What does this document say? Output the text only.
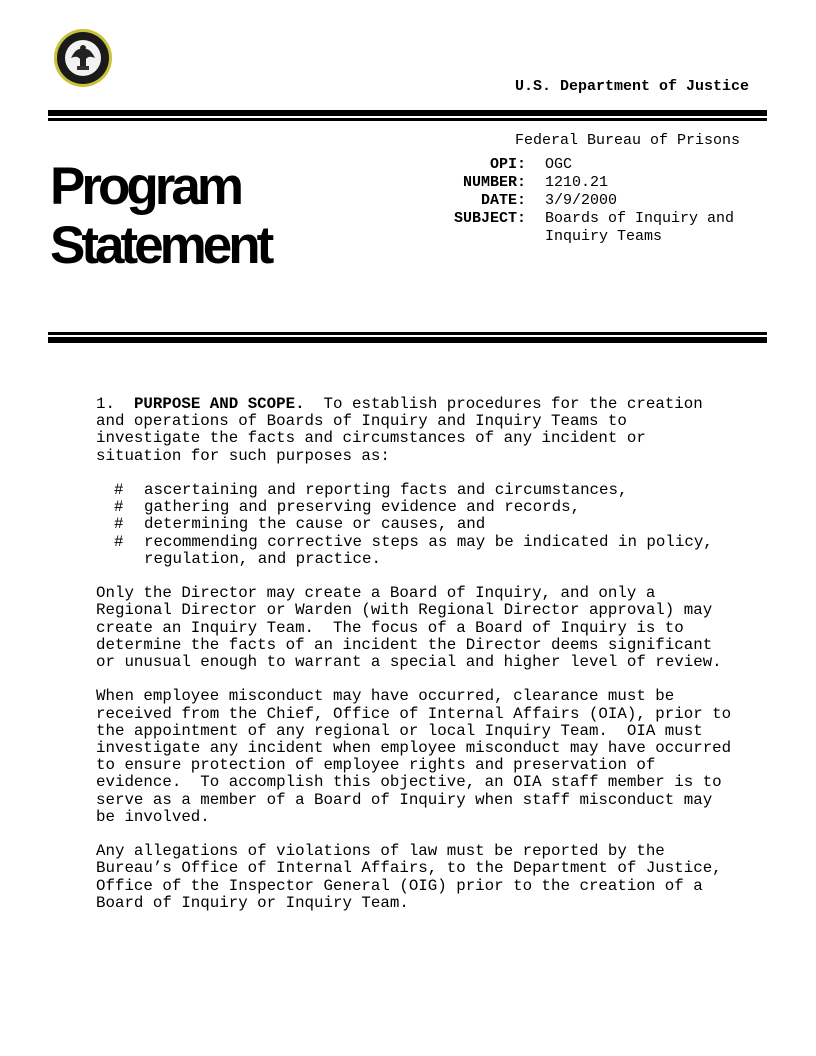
U.S. Department of Justice

Federal Bureau of Prisons

Program
Statement
OPI: OGC
NUMBER: 1210.21
DATE: 3/9/2000
SUBJECT: Boards of Inquiry and Inquiry Teams

1. PURPOSE AND SCOPE. To establish procedures for the creation and operations of Boards of Inquiry and Inquiry Teams to investigate the facts and circumstances of any incident or situation for such purposes as:

#	ascertaining and reporting facts and circumstances,
#	gathering and preserving evidence and records,
#	determining the cause or causes, and
#	recommending corrective steps as may be indicated in policy, regulation, and practice.

Only the Director may create a Board of Inquiry, and only a Regional Director or Warden (with Regional Director approval) may create an Inquiry Team.  The focus of a Board of Inquiry is to determine the facts of an incident the Director deems significant or unusual enough to warrant a special and higher level of review.

When employee misconduct may have occurred, clearance must be received from the Chief, Office of Internal Affairs (OIA), prior to the appointment of any regional or local Inquiry Team.  OIA must investigate any incident when employee misconduct may have occurred to ensure protection of employee rights and preservation of evidence.  To accomplish this objective, an OIA staff member is to serve as a member of a Board of Inquiry when staff misconduct may be involved.

Any allegations of violations of law must be reported by the Bureau’s Office of Internal Affairs, to the Department of Justice, Office of the Inspector General (OIG) prior to the creation of a Board of Inquiry or Inquiry Team.
